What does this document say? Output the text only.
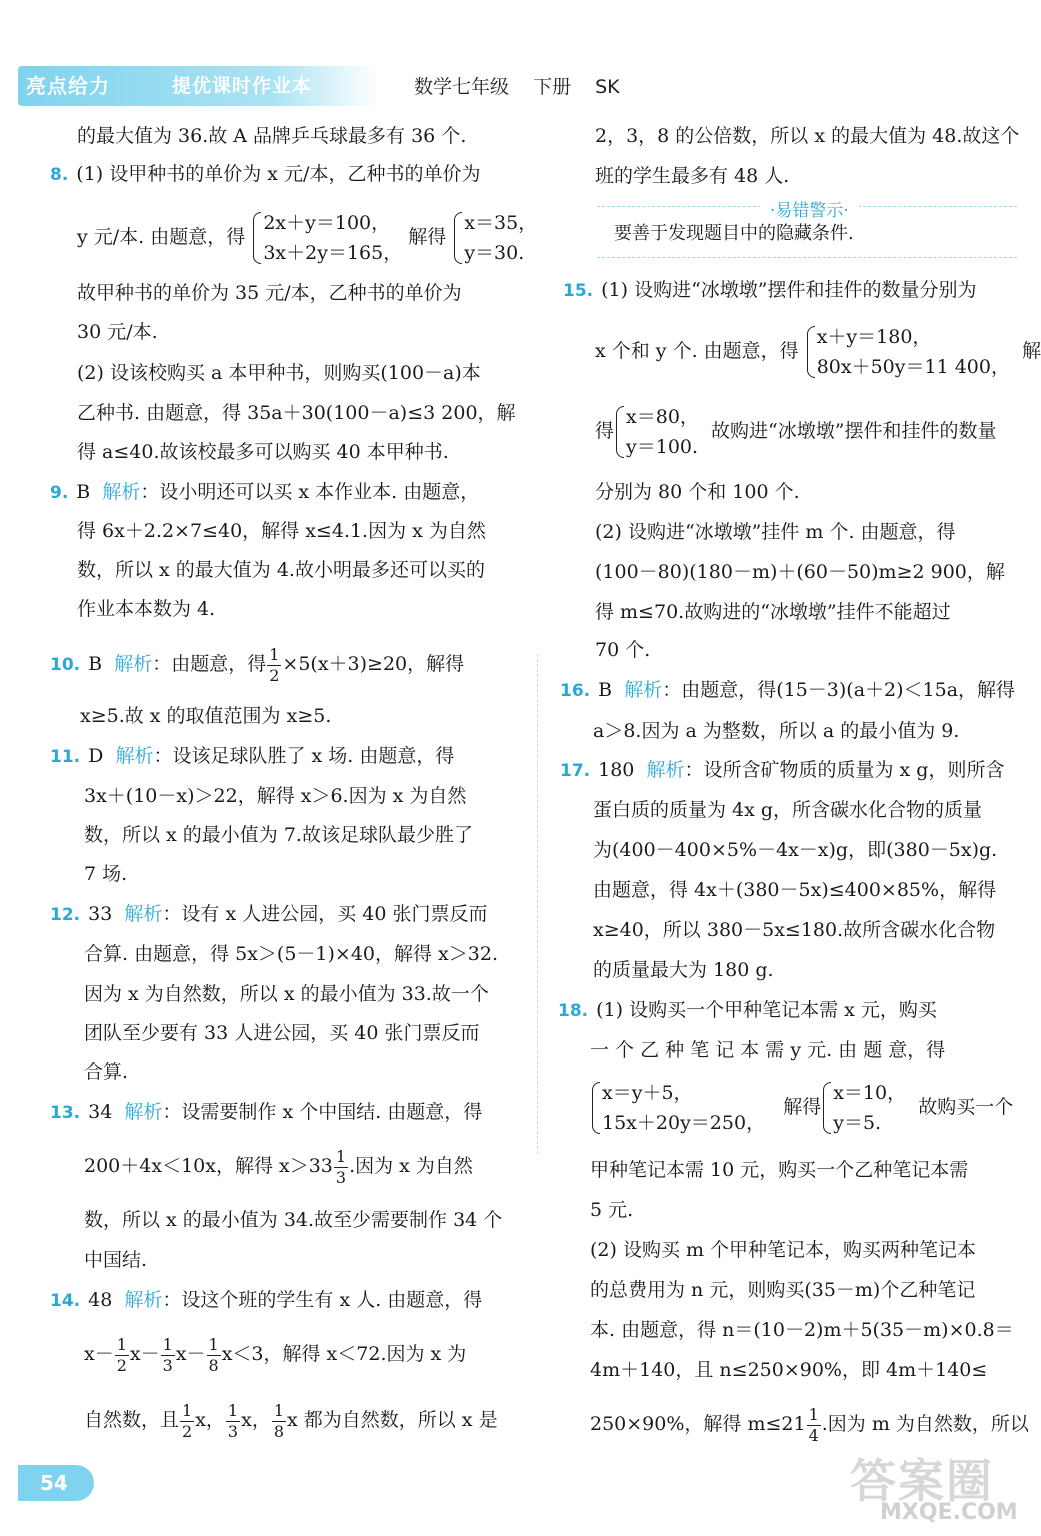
亮点给力	提优课时作业本	数学七年级 下册 SK
的最大值为 36.故 A 品牌乒乓球最多有 36 个.
8. (1) 设甲种书的单价为 x 元/本，乙种书的单价为
y 元/本. 由题意，得
2x＋y＝100，
3x＋2y＝165，
解得
x＝35，
y＝30.
故甲种书的单价为 35 元/本，乙种书的单价为
30 元/本.
(2) 设该校购买 a 本甲种书，则购买(100－a)本
乙种书. 由题意，得 35a＋30(100－a)≤3 200，解
得 a≤40.故该校最多可以购买 40 本甲种书.
9. B 解析：设小明还可以买 x 本作业本. 由题意，
得 6x＋2.2×7≤40，解得 x≤4.1.因为 x 为自然
数，所以 x 的最大值为 4.故小明最多还可以买的
作业本本数为 4.
10. B 解析：由题意，得 $\frac{1}{2} \times 5(x+3)\ge 20$，解得
x≥5.故 x 的取值范围为 x≥5.
11. D 解析：设该足球队胜了 x 场. 由题意，得
3x＋(10－x)＞22，解得 x＞6.因为 x 为自然
数，所以 x 的最小值为 7.故该足球队最少胜了
7 场.
12. 33 解析：设有 x 人进公园，买 40 张门票反而
合算. 由题意，得 5x＞(5－1)×40，解得 x＞32.
因为 x 为自然数，所以 x 的最小值为 33.故一个
团队至少要有 33 人进公园，买 40 张门票反而
合算.
13. 34 解析：设需要制作 x 个中国结. 由题意，得
200＋4x＜10x，解得 $x>33 \frac{1}{3}$ .因为 x 为自然
数，所以 x 的最小值为 34.故至少需要制作 34 个
中国结.
14. 48 解析：设这个班的学生有 x 人. 由题意，得
$x- \frac{1}{2} x- \frac{1}{3} x- \frac{1}{8} x<3$，解得 x＜72.因为 x 为
自然数，且 $\frac{1}{2}$ x， $\frac{1}{3}$ x， $\frac{1}{8}$ x 都为自然数，所以 x 是
2，3，8 的公倍数，所以 x 的最大值为 48.故这个
班的学生最多有 48 人.
·易错警示·
要善于发现题目中的隐藏条件.
15. (1) 设购进“冰墩墩”摆件和挂件的数量分别为
x 个和 y 个. 由题意，得
x＋y＝180，
80x＋50y＝11 400，
解
得
x＝80，
y＝100.
故购进“冰墩墩”摆件和挂件的数量
分别为 80 个和 100 个.
(2) 设购进“冰墩墩”挂件 m 个. 由题意，得
(100－80)(180－m)＋(60－50)m≥2 900，解
得 m≤70.故购进的“冰墩墩”挂件不能超过
70 个.
16. B 解析：由题意，得(15－3)(a＋2)＜15a，解得
a＞8.因为 a 为整数，所以 a 的最小值为 9.
17. 180 解析：设所含矿物质的质量为 x g，则所含
蛋白质的质量为 4x g，所含碳水化合物的质量
为(400－400×5%－4x－x)g，即(380－5x)g.
由题意，得 4x＋(380－5x)≤400×85%，解得
x≥40，所以 380－5x≤180.故所含碳水化合物
的质量最大为 180 g.
18. (1) 设购买一个甲种笔记本需 x 元，购买
一 个 乙 种 笔 记 本 需 y 元. 由 题 意，得
x＝y＋5，
15x＋20y＝250，
解得
x＝10，
y＝5.
故购买一个
甲种笔记本需 10 元，购买一个乙种笔记本需
5 元.
(2) 设购买 m 个甲种笔记本，购买两种笔记本
的总费用为 n 元，则购买(35－m)个乙种笔记
本. 由题意，得 n＝(10－2)m＋5(35－m)×0.8＝
4m＋140，且 n≤250×90%，即 4m＋140≤
250×90%，解得 $m\le 21 \frac{1}{4}$ .因为 m 为自然数，所以
54	答案圈
MXQE.COM
